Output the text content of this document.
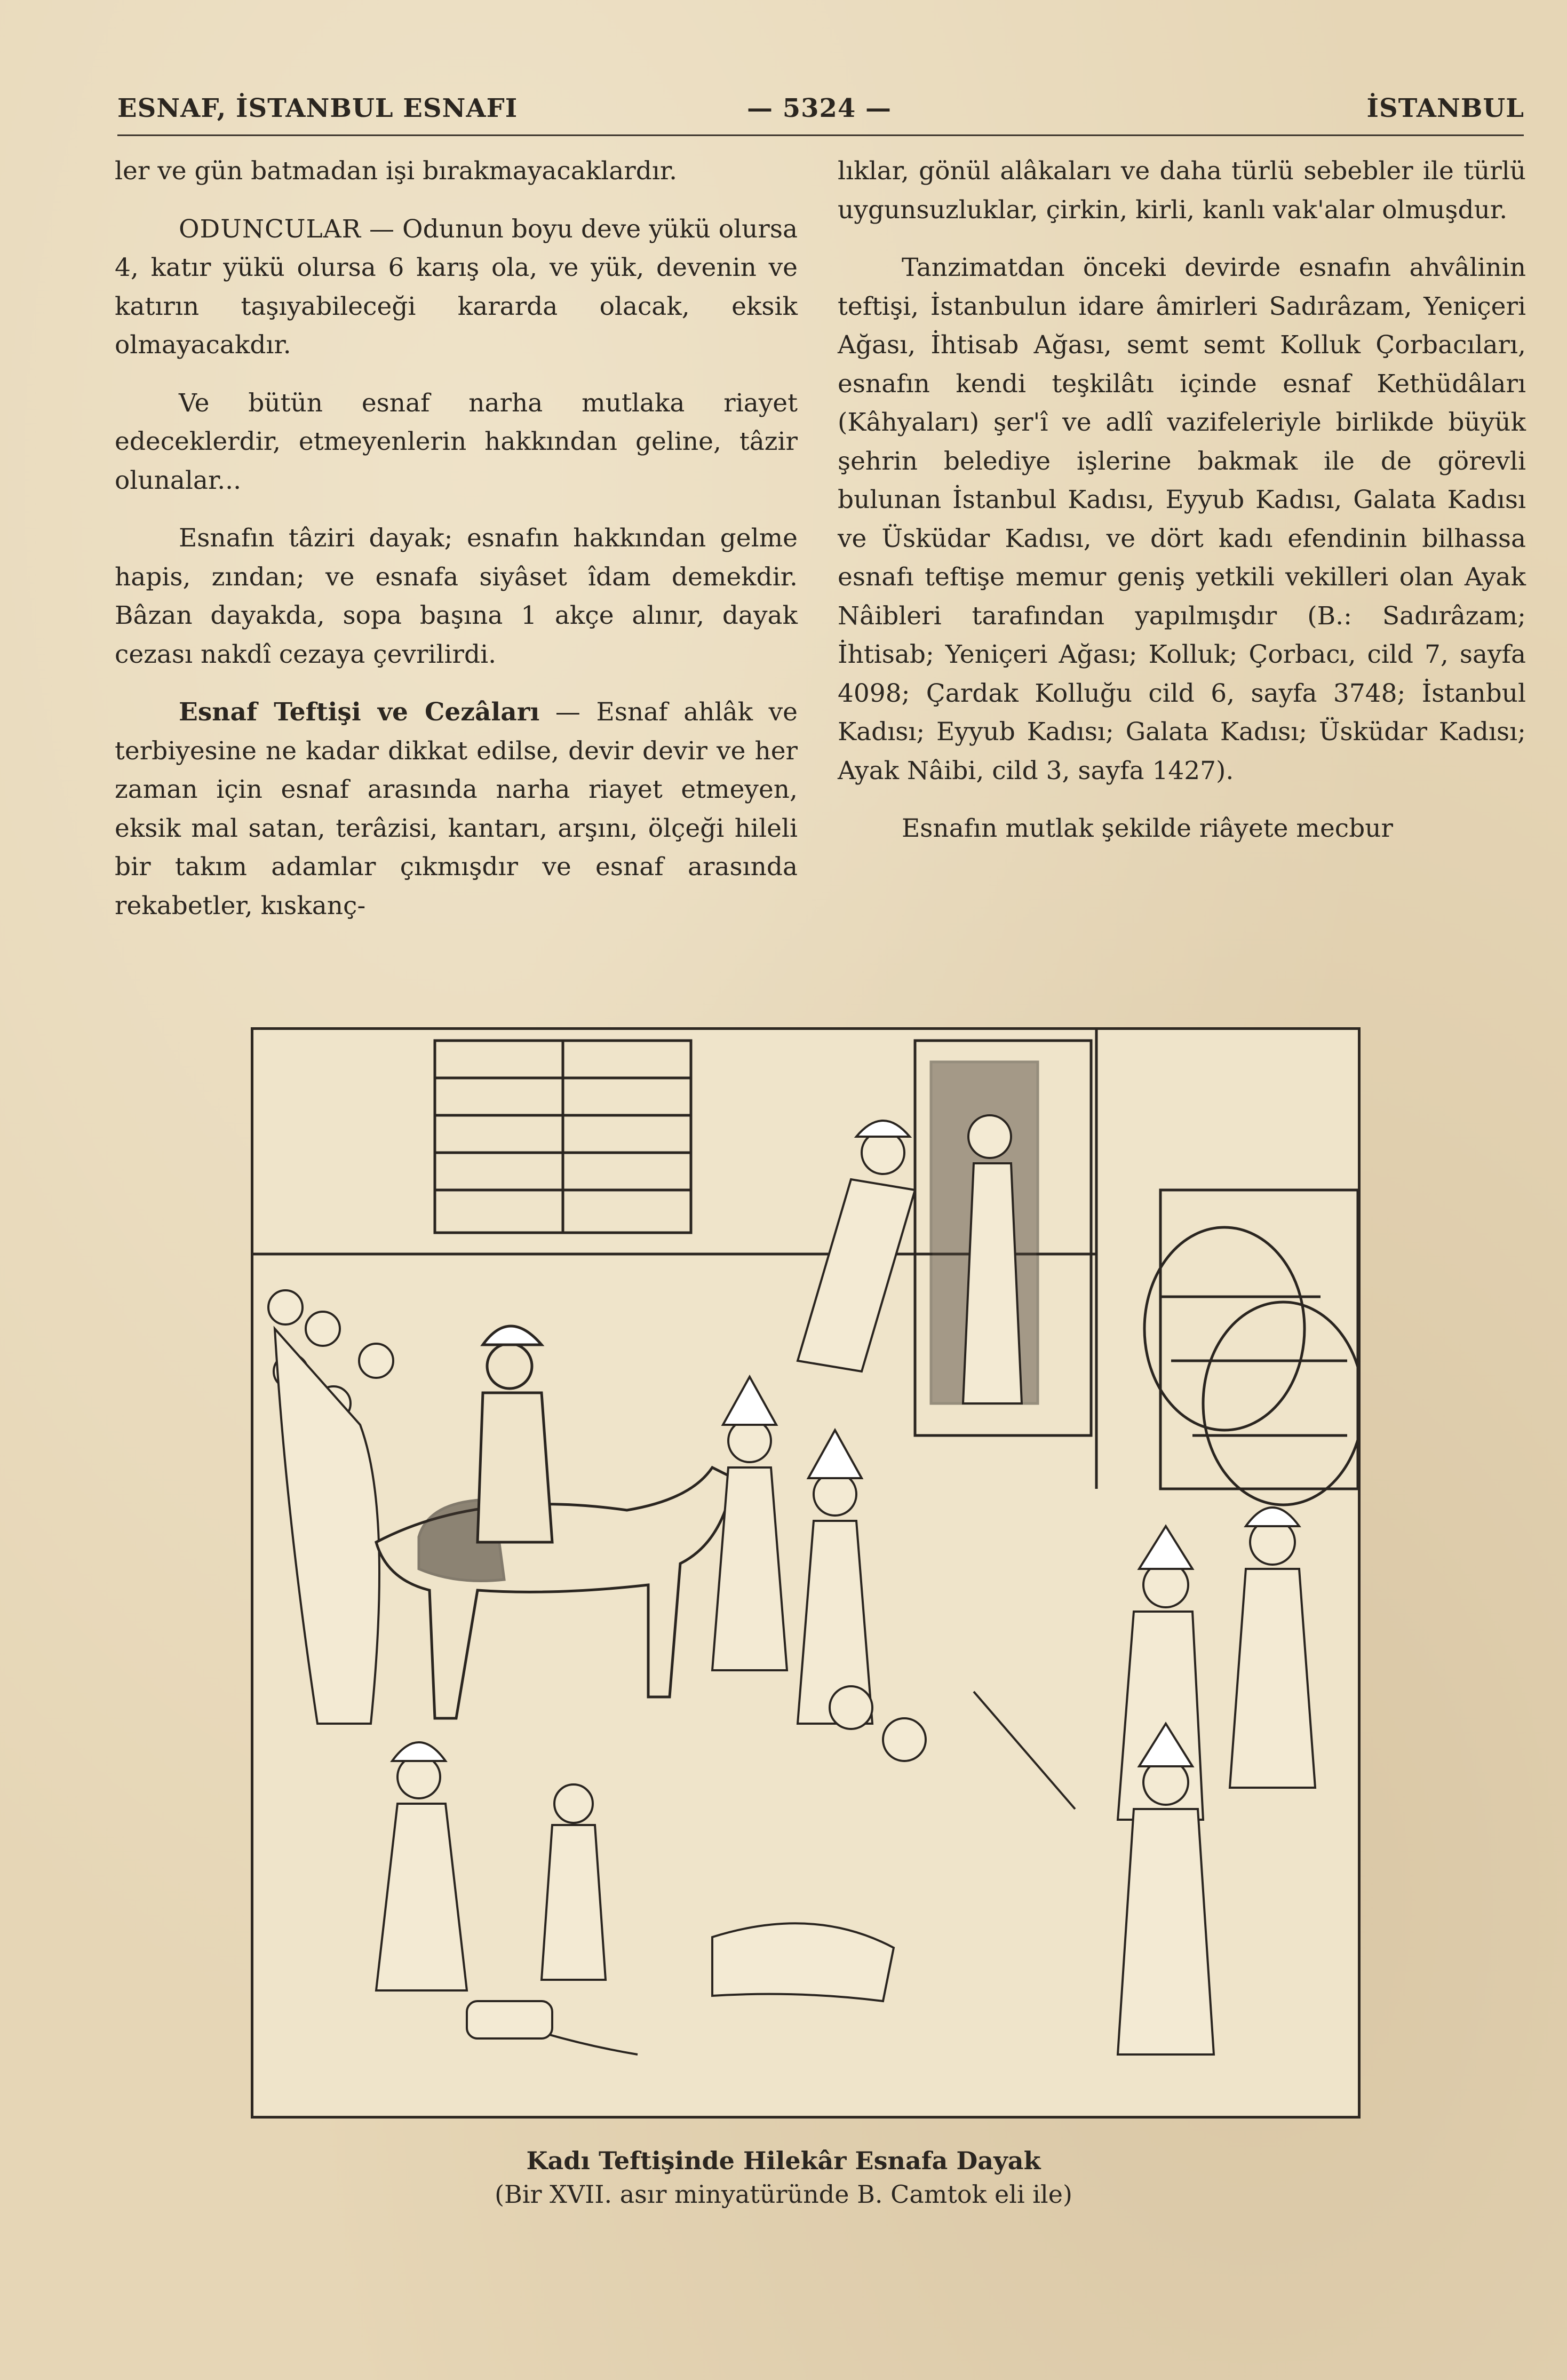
ESNAF, İSTANBUL ESNAFI	— 5324 —	İSTANBUL

ler ve gün batmadan işi bırakmayacaklardır.

ODUNCULAR — Odunun boyu deve yükü olursa 4, katır yükü olursa 6 karış ola, ve yük, devenin ve katırın taşıyabileceği kararda olacak, eksik olmayacakdır.

Ve bütün esnaf narha mutlaka riayet edeceklerdir, etmeyenlerin hakkından geline, tâzir olunalar...

Esnafın tâziri dayak; esnafın hakkından gelme hapis, zından; ve esnafa siyâset îdam demekdir. Bâzan dayakda, sopa başına 1 akçe alınır, dayak cezası nakdî cezaya çevrilirdi.

Esnaf Teftişi ve Cezâları — Esnaf ahlâk ve terbiyesine ne kadar dikkat edilse, devir devir ve her zaman için esnaf arasında narha riayet etmeyen, eksik mal satan, terâzisi, kantarı, arşını, ölçeği hileli bir takım adamlar çıkmışdır ve esnaf arasında rekabetler, kıskanç-

lıklar, gönül alâkaları ve daha türlü sebebler ile türlü uygunsuzluklar, çirkin, kirli, kanlı vak'alar olmuşdur.

Tanzimatdan önceki devirde esnafın ahvâlinin teftişi, İstanbulun idare âmirleri Sadırâzam, Yeniçeri Ağası, İhtisab Ağası, semt semt Kolluk Çorbacıları, esnafın kendi teşkilâtı içinde esnaf Kethüdâları (Kâhyaları) şer'î ve adlî vazifeleriyle birlikde büyük şehrin belediye işlerine bakmak ile de görevli bulunan İstanbul Kadısı, Eyyub Kadısı, Galata Kadısı ve Üsküdar Kadısı, ve dört kadı efendinin bilhassa esnafı teftişe memur geniş yetkili vekilleri olan Ayak Nâibleri tarafından yapılmışdır (B.: Sadırâzam; İhtisab; Yeniçeri Ağası; Kolluk; Çorbacı, cild 7, sayfa 4098; Çardak Kolluğu cild 6, sayfa 3748; İstanbul Kadısı; Eyyub Kadısı; Galata Kadısı; Üsküdar Kadısı; Ayak Nâibi, cild 3, sayfa 1427).

Esnafın mutlak şekilde riâyete mecbur

Kadı Teftişinde Hilekâr Esnafa Dayak
(Bir XVII. asır minyatüründe B. Camtok eli ile)
